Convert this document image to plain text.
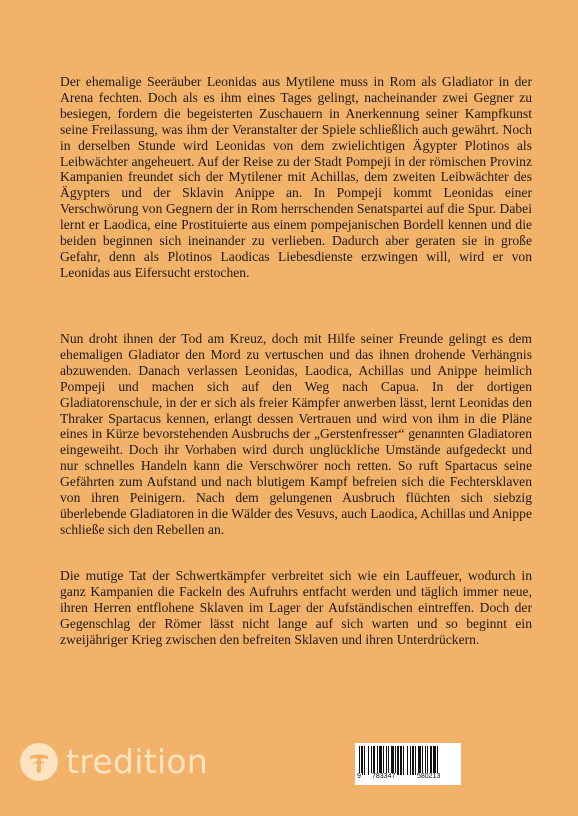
Der ehemalige Seeräuber Leonidas aus Mytilene muss in Rom als Gladiator in der Arena fechten. Doch als es ihm eines Tages gelingt, nacheinander zwei Gegner zu besiegen, fordern die begeisterten Zuschauern in Anerkennung seiner Kampfkunst seine Freilassung, was ihm der Veranstalter der Spiele schließlich auch gewährt. Noch in derselben Stunde wird Leonidas von dem zwielichtigen Ägypter Plotinos als Leibwächter angeheuert. Auf der Reise zu der Stadt Pompeji in der römischen Provinz Kampanien freundet sich der Mytilener mit Achillas, dem zweiten Leibwächter des Ägypters und der Sklavin Anippe an. In Pompeji kommt Leonidas einer Verschwörung von Gegnern der in Rom herrschenden Senatspartei auf die Spur. Dabei lernt er Laodica, eine Prostituierte aus einem pompejanischen Bordell kennen und die beiden beginnen sich ineinander zu verlieben. Dadurch aber geraten sie in große Gefahr, denn als Plotinos Laodicas Liebesdienste erzwingen will, wird er von Leonidas aus Eifersucht erstochen.

Nun droht ihnen der Tod am Kreuz, doch mit Hilfe seiner Freunde gelingt es dem ehemaligen Gladiator den Mord zu vertuschen und das ihnen drohende Verhängnis abzuwenden. Danach verlassen Leonidas, Laodica, Achillas und Anippe heimlich Pompeji und machen sich auf den Weg nach Capua. In der dortigen Gladiatorenschule, in der er sich als freier Kämpfer anwerben lässt, lernt Leonidas den Thraker Spartacus kennen, erlangt dessen Vertrauen und wird von ihm in die Pläne eines in Kürze bevorstehenden Ausbruchs der „Gerstenfresser“ genannten Gladiatoren eingeweiht. Doch ihr Vorhaben wird durch unglückliche Umstände aufgedeckt und nur schnelles Handeln kann die Verschwörer noch retten. So ruft Spartacus seine Gefährten zum Aufstand und nach blutigem Kampf befreien sich die Fechtersklaven von ihren Peinigern. Nach dem gelungenen Ausbruch flüchten sich siebzig überlebende Gladiatoren in die Wälder des Vesuvs, auch Laodica, Achillas und Anippe schließe sich den Rebellen an.

Die mutige Tat der Schwertkämpfer verbreitet sich wie ein Lauffeuer, wodurch in ganz Kampanien die Fackeln des Aufruhrs entfacht werden und täglich immer neue, ihren Herren entflohene Sklaven im Lager der Aufständischen eintreffen. Doch der Gegenschlag der Römer lässt nicht lange auf sich warten und so beginnt ein zweijähriger Krieg zwischen den befreiten Sklaven und ihren Unterdrückern.

tredition	9 783347	580213
